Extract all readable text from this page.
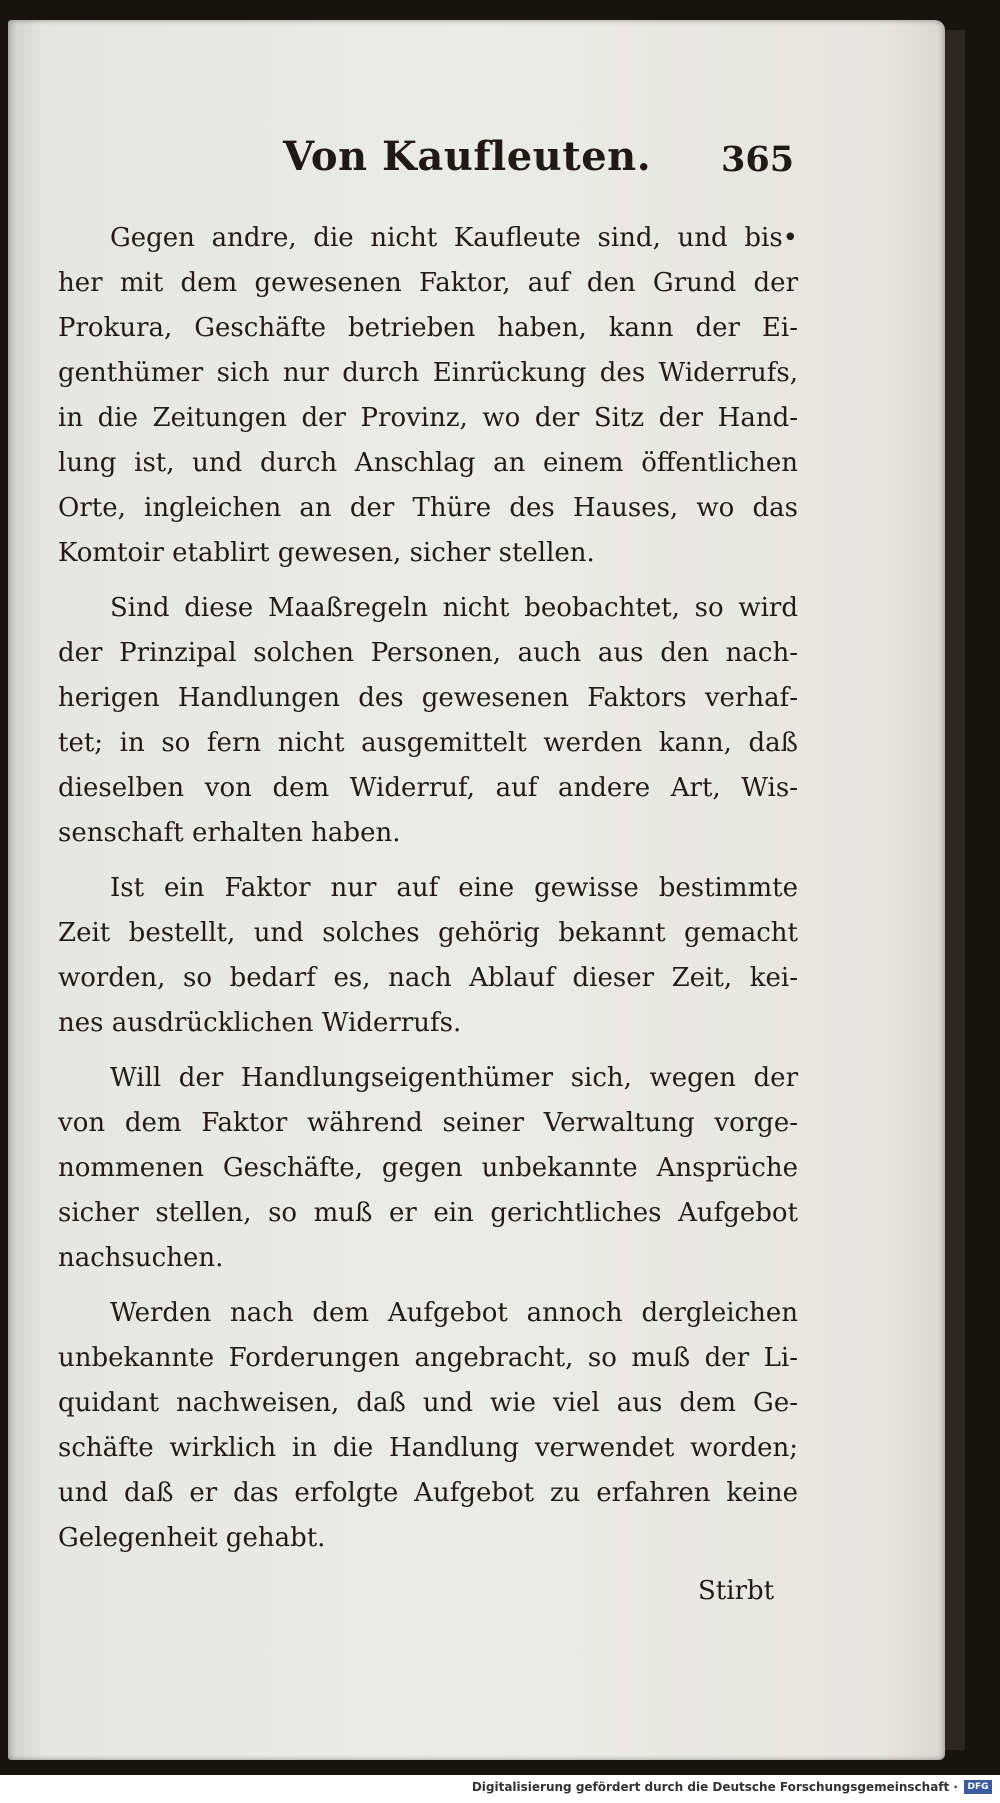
Von Kaufleuten. 365

Gegen andre, die nicht Kaufleute sind, und bis•
her mit dem gewesenen Faktor, auf den Grund der
Prokura, Geschäfte betrieben haben, kann der Ei‑
genthümer sich nur durch Einrückung des Widerrufs,
in die Zeitungen der Provinz, wo der Sitz der Hand‑
lung ist, und durch Anschlag an einem öffentlichen
Orte, ingleichen an der Thüre des Hauses, wo das
Komtoir etablirt gewesen, sicher stellen.

Sind diese Maaßregeln nicht beobachtet, so wird
der Prinzipal solchen Personen, auch aus den nach‑
herigen Handlungen des gewesenen Faktors verhaf‑
tet; in so fern nicht ausgemittelt werden kann, daß
dieselben von dem Widerruf, auf andere Art, Wis‑
senschaft erhalten haben.

Ist ein Faktor nur auf eine gewisse bestimmte
Zeit bestellt, und solches gehörig bekannt gemacht
worden, so bedarf es, nach Ablauf dieser Zeit, kei‑
nes ausdrücklichen Widerrufs.

Will der Handlungseigenthümer sich, wegen der
von dem Faktor während seiner Verwaltung vorge‑
nommenen Geschäfte, gegen unbekannte Ansprüche
sicher stellen, so muß er ein gerichtliches Aufgebot
nachsuchen.

Werden nach dem Aufgebot annoch dergleichen
unbekannte Forderungen angebracht, so muß der Li‑
quidant nachweisen, daß und wie viel aus dem Ge‑
schäfte wirklich in die Handlung verwendet worden;
und daß er das erfolgte Aufgebot zu erfahren keine
Gelegenheit gehabt.

Stirbt
Digitalisierung gefördert durch die Deutsche Forschungsgemeinschaft ·	DFG
